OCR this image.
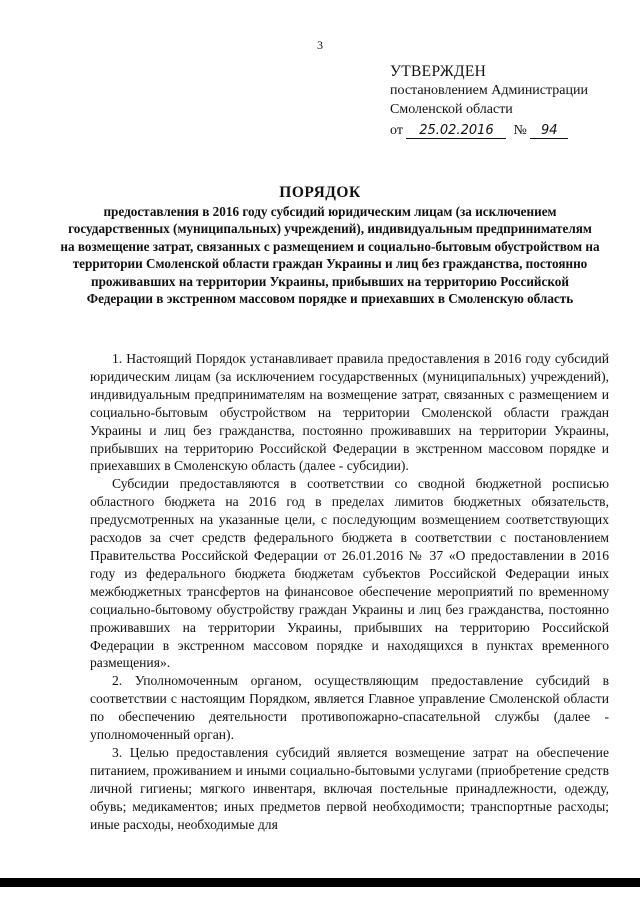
3
УТВЕРЖДЕН
постановлением Администрации
Смоленской области
от 25.02.2016 № 94
ПОРЯДОК
предоставления в 2016 году субсидий юридическим лицам (за исключением государственных (муниципальных) учреждений), индивидуальным предпринимателям на возмещение затрат, связанных с размещением и социально-бытовым обустройством на территории Смоленской области граждан Украины и лиц без гражданства, постоянно проживавших на территории Украины, прибывших на территорию Российской Федерации в экстренном массовом порядке и приехавших в Смоленскую область

1. Настоящий Порядок устанавливает правила предоставления в 2016 году субсидий юридическим лицам (за исключением государственных (муниципальных) учреждений), индивидуальным предпринимателям на возмещение затрат, связанных с размещением и социально-бытовым обустройством на территории Смоленской области граждан Украины и лиц без гражданства, постоянно проживавших на территории Украины, прибывших на территорию Российской Федерации в экстренном массовом порядке и приехавших в Смоленскую область (далее - субсидии).

Субсидии предоставляются в соответствии со сводной бюджетной росписью областного бюджета на 2016 год в пределах лимитов бюджетных обязательств, предусмотренных на указанные цели, с последующим возмещением соответствующих расходов за счет средств федерального бюджета в соответствии с постановлением Правительства Российской Федерации от 26.01.2016 № 37 «О предоставлении в 2016 году из федерального бюджета бюджетам субъектов Российской Федерации иных межбюджетных трансфертов на финансовое обеспечение мероприятий по временному социально-бытовому обустройству граждан Украины и лиц без гражданства, постоянно проживавших на территории Украины, прибывших на территорию Российской Федерации в экстренном массовом порядке и находящихся в пунктах временного размещения».

2. Уполномоченным органом, осуществляющим предоставление субсидий в соответствии с настоящим Порядком, является Главное управление Смоленской области по обеспечению деятельности противопожарно-спасательной службы (далее - уполномоченный орган).

3. Целью предоставления субсидий является возмещение затрат на обеспечение питанием, проживанием и иными социально-бытовыми услугами (приобретение средств личной гигиены; мягкого инвентаря, включая постельные принадлежности, одежду, обувь; медикаментов; иных предметов первой необходимости; транспортные расходы; иные расходы, необходимые для
